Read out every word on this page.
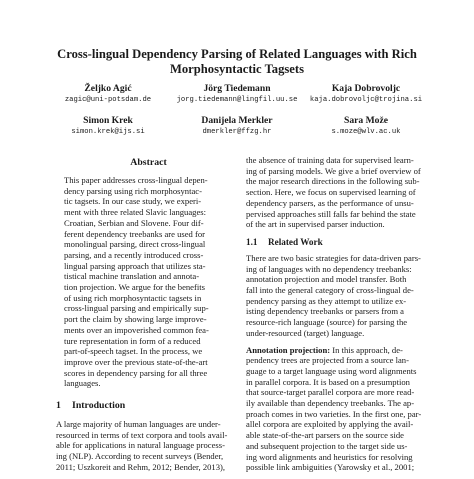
Cross-lingual Dependency Parsing of Related Languages with Rich
Morphosyntactic Tagsets
Željko Agić
zagic@uni-potsdam.de
Jörg Tiedemann
jorg.tiedemann@lingfil.uu.se
Kaja Dobrovoljc
kaja.dobrovoljc@trojina.si
Simon Krek
simon.krek@ijs.si
Danijela Merkler
dmerkler@ffzg.hr
Sara Može
s.moze@wlv.ac.uk
Abstract
This paper addresses cross-lingual depen-
dency parsing using rich morphosyntac-
tic tagsets. In our case study, we experi-
ment with three related Slavic languages:
Croatian, Serbian and Slovene. Four dif-
ferent dependency treebanks are used for
monolingual parsing, direct cross-lingual
parsing, and a recently introduced cross-
lingual parsing approach that utilizes sta-
tistical machine translation and annota-
tion projection. We argue for the benefits
of using rich morphosyntactic tagsets in
cross-lingual parsing and empirically sup-
port the claim by showing large improve-
ments over an impoverished common fea-
ture representation in form of a reduced
part-of-speech tagset. In the process, we
improve over the previous state-of-the-art
scores in dependency parsing for all three
languages.
1 Introduction
A large majority of human languages are under-
resourced in terms of text corpora and tools avail-
able for applications in natural language process-
ing (NLP). According to recent surveys (Bender,
2011; Uszkoreit and Rehm, 2012; Bender, 2013),
the absence of training data for supervised learn-
ing of parsing models. We give a brief overview of
the major research directions in the following sub-
section. Here, we focus on supervised learning of
dependency parsers, as the performance of unsu-
pervised approaches still falls far behind the state
of the art in supervised parser induction.
1.1 Related Work
There are two basic strategies for data-driven pars-
ing of languages with no dependency treebanks:
annotation projection and model transfer. Both
fall into the general category of cross-lingual de-
pendency parsing as they attempt to utilize ex-
isting dependency treebanks or parsers from a
resource-rich language (source) for parsing the
under-resourced (target) language.
Annotation projection: In this approach, de-
pendency trees are projected from a source lan-
guage to a target language using word alignments
in parallel corpora. It is based on a presumption
that source-target parallel corpora are more read-
ily available than dependency treebanks. The ap-
proach comes in two varieties. In the first one, par-
allel corpora are exploited by applying the avail-
able state-of-the-art parsers on the source side
and subsequent projection to the target side us-
ing word alignments and heuristics for resolving
possible link ambiguities (Yarowsky et al., 2001;
